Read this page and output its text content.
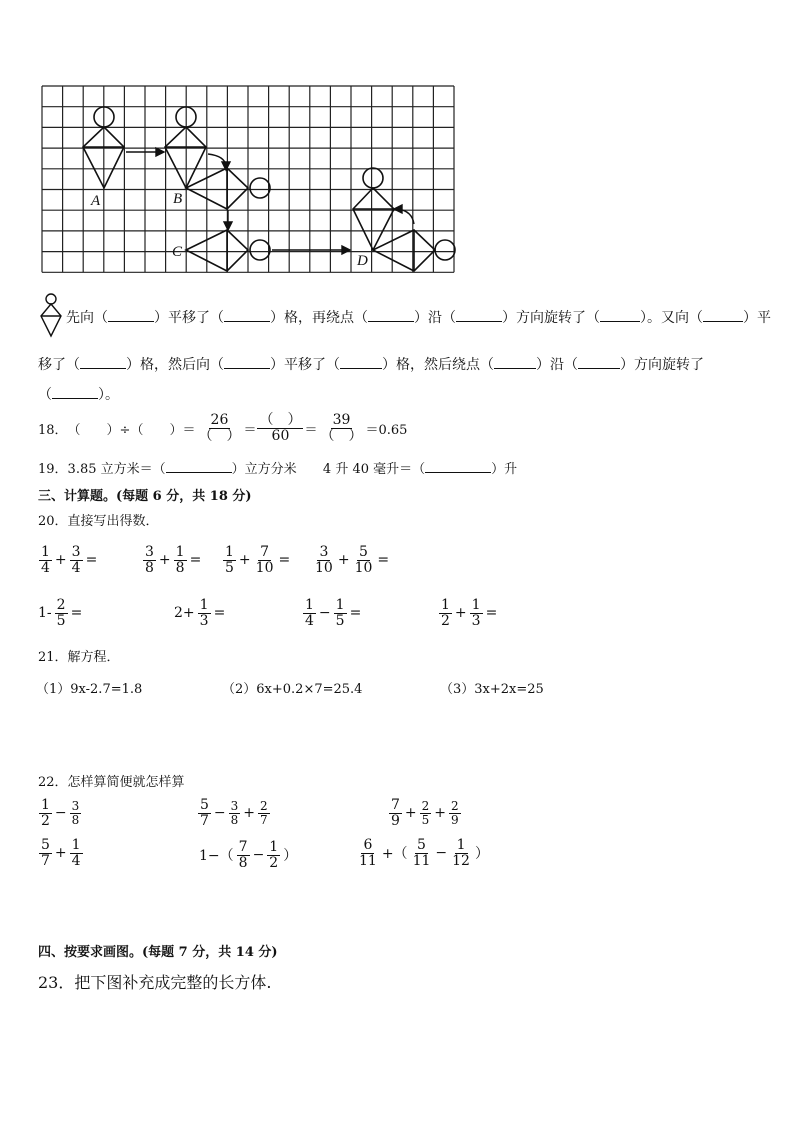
A	B
C
D
先向（	）平移了（	）格，再绕点（	）沿（	）方向旋转了（	）。又向（	）平
移了（	）格，然后向（	）平移了（	）格，然后绕点（	）沿（	）方向旋转了
（	）。
18． （　　）÷（　　）＝ $\frac{26}{( )} = \frac{( )}{60} = \frac{39}{( )} =0.65$
19．3.85 立方米＝（	）立方分米 4 升 40 毫升＝（	）升
三、计算题。(每题 6 分，共 18 分)
20．直接写出得数．
$\frac{1}{4} + \frac{3}{4}$ =	$\frac{3}{8} + \frac{1}{8} = \frac{1}{5} + \frac{7}{10} = \frac{3}{10} + \frac{5}{10}$ =
$1- \frac{2}{5}$ =	$2+ \frac{1}{3}$ =	$\frac{1}{4} - \frac{1}{5}$ =	$\frac{1}{2} + \frac{1}{3}$ =
21．解方程．
（1）9x-2.7=1.8	（2）6x+0.2×7=25.4	（3）3x+2x=25
22．怎样算简便就怎样算
$\frac{1}{2} - \frac{3}{8}$	$\frac{5}{7} - \frac{3}{8} + \frac{2}{7}$	$\frac{7}{9} + \frac{2}{5} + \frac{2}{9}$
$\frac{5}{7} + \frac{1}{4}$	$1-( \frac{7}{8} - \frac{1}{2}$ ）	$\frac{6}{11}$ +（ $\frac{5}{11} - \frac{1}{12}$ ）
四、按要求画图。(每题 7 分，共 14 分)
23．把下图补充成完整的长方体.
